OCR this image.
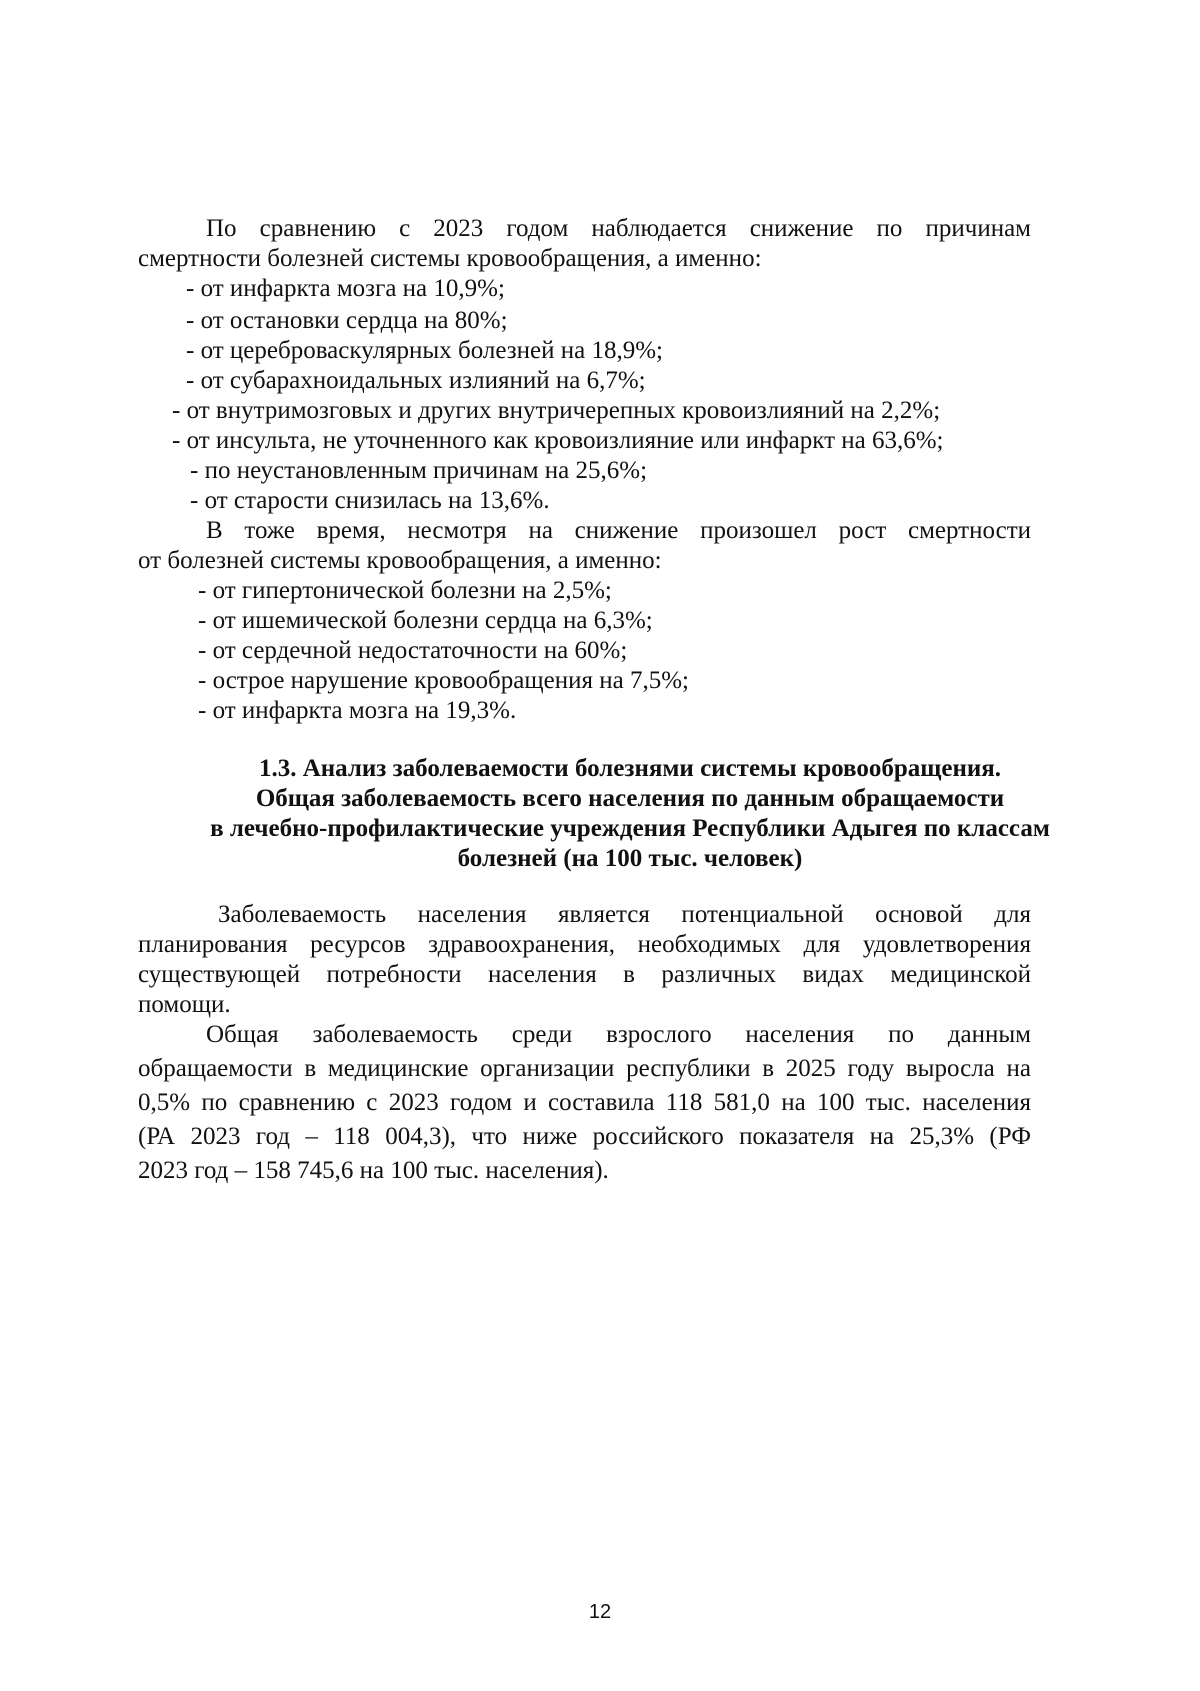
По сравнению с 2023 годом наблюдается снижение по причинам
смертности болезней системы кровообращения, а именно:
- от инфаркта мозга на 10,9%;
- от остановки сердца на 80%;
- от цереброваскулярных болезней на 18,9%;
- от субарахноидальных излияний на 6,7%;
- от внутримозговых и других внутричерепных кровоизлияний на 2,2%;
- от инсульта, не уточненного как кровоизлияние или инфаркт на 63,6%;
- по неустановленным причинам на 25,6%;
- от старости снизилась на 13,6%.
В тоже время, несмотря на снижение произошел рост смертности
от болезней системы кровообращения, а именно:
- от гипертонической болезни на 2,5%;
- от ишемической болезни сердца на 6,3%;
- от сердечной недостаточности на 60%;
- острое нарушение кровообращения на 7,5%;
- от инфаркта мозга на 19,3%.
1.3. Анализ заболеваемости болезнями системы кровообращения.
Общая заболеваемость всего населения по данным обращаемости
в лечебно-профилактические учреждения Республики Адыгея по классам
болезней (на 100 тыс. человек)
Заболеваемость населения является потенциальной основой для
планирования ресурсов здравоохранения, необходимых для удовлетворения
существующей потребности населения в различных видах медицинской
помощи.
Общая заболеваемость среди взрослого населения по данным
обращаемости в медицинские организации республики в 2025 году выросла на
0,5% по сравнению с 2023 годом и составила 118 581,0 на 100 тыс. населения
(РА 2023 год – 118 004,3), что ниже российского показателя на 25,3% (РФ
2023 год – 158 745,6 на 100 тыс. населения).
12
